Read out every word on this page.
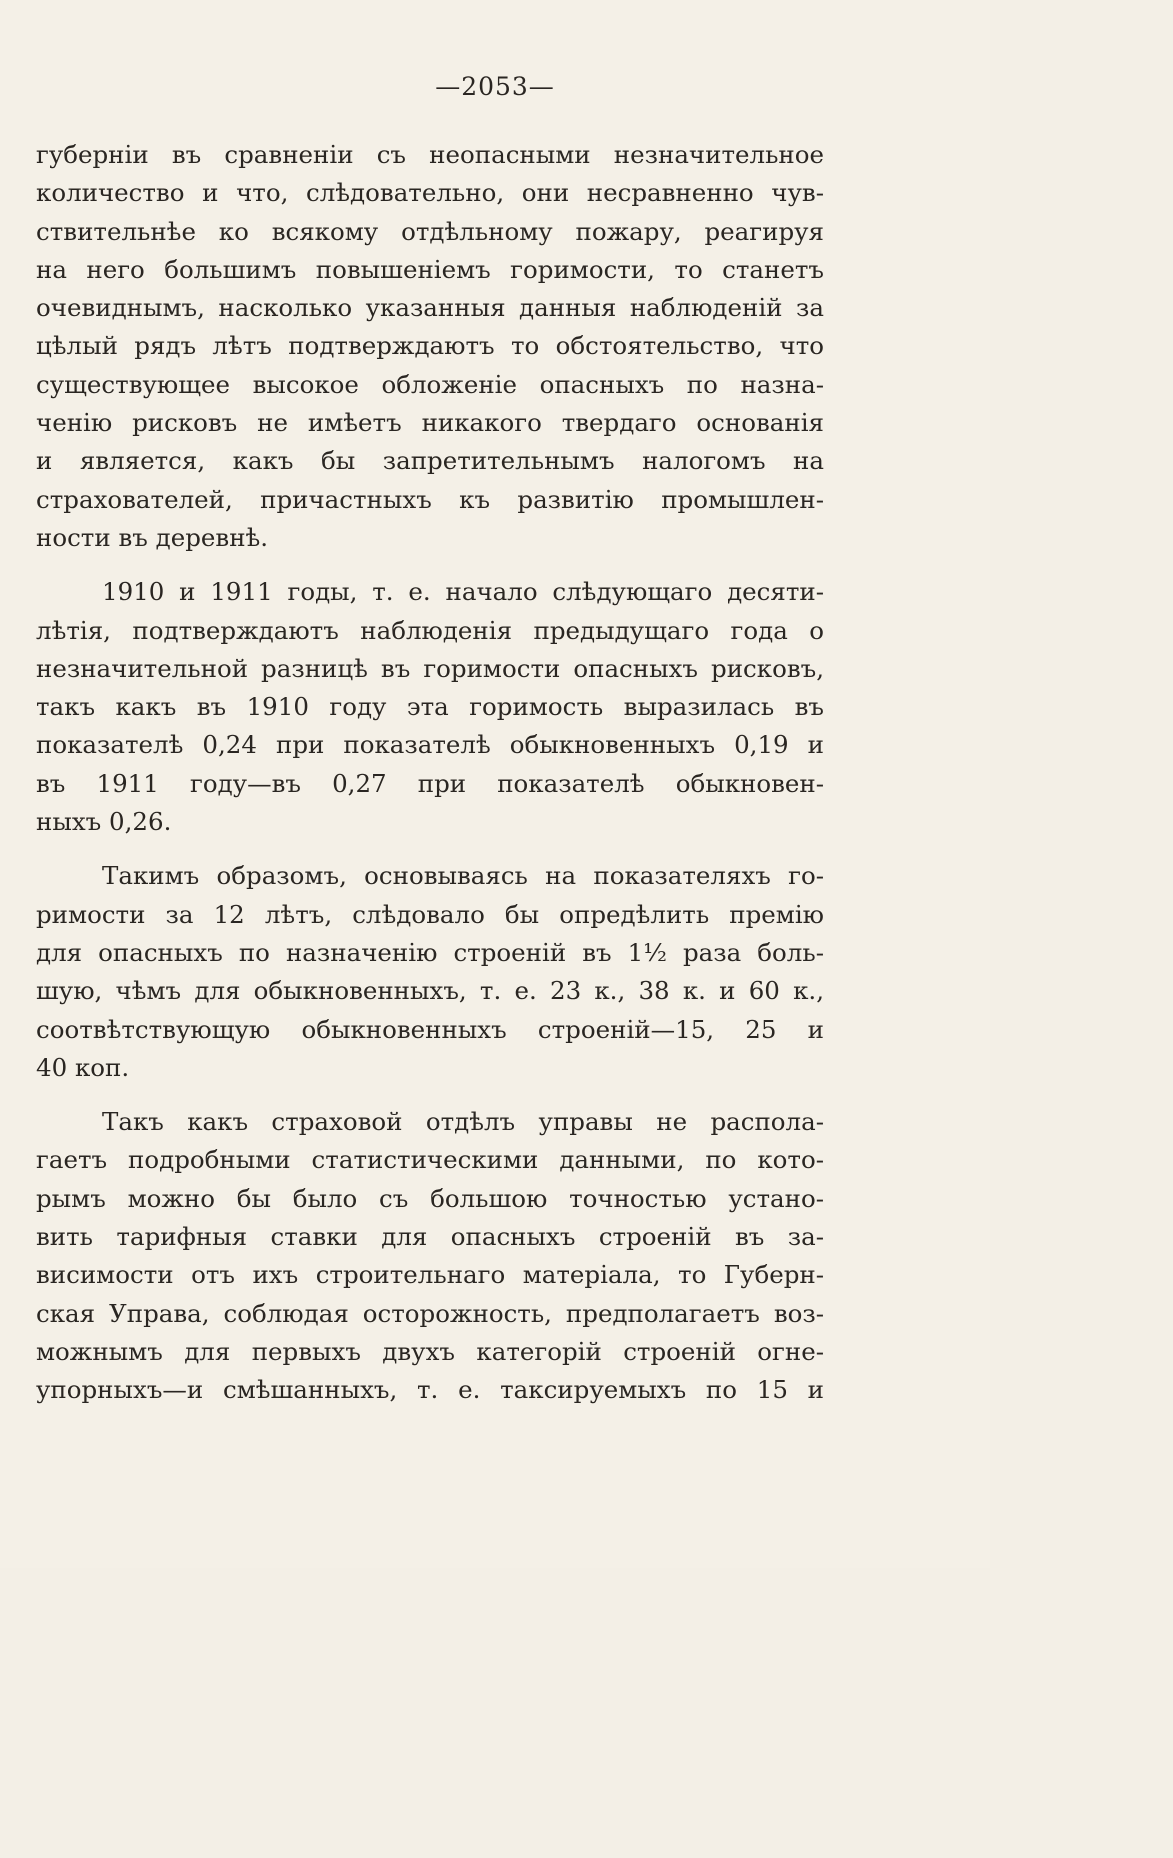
—2053—
губерніи въ сравненіи съ неопасными незначительное
количество и что, слѣдовательно, они несравненно чув-
ствительнѣе ко всякому отдѣльному пожару, реагируя
на него большимъ повышеніемъ горимости, то станетъ
очевиднымъ, насколько указанныя данныя наблюденій за
цѣлый рядъ лѣтъ подтверждаютъ то обстоятельство, что
существующее высокое обложеніе опасныхъ по назна-
ченію рисковъ не имѣетъ никакого твердаго основанія
и является, какъ бы запретительнымъ налогомъ на
страхователей, причастныхъ къ развитію промышлен-
ности въ деревнѣ.
1910 и 1911 годы, т. е. начало слѣдующаго десяти-
лѣтія, подтверждаютъ наблюденія предыдущаго года о
незначительной разницѣ въ горимости опасныхъ рисковъ,
такъ какъ въ 1910 году эта горимость выразилась въ
показателѣ 0,24 при показателѣ обыкновенныхъ 0,19 и
въ 1911 году—въ 0,27 при показателѣ обыкновен-
ныхъ 0,26.
Такимъ образомъ, основываясь на показателяхъ го-
римости за 12 лѣтъ, слѣдовало бы опредѣлить премію
для опасныхъ по назначенію строеній въ 1½ раза боль-
шую, чѣмъ для обыкновенныхъ, т. е. 23 к., 38 к. и 60 к.,
соотвѣтствующую обыкновенныхъ строеній—15, 25 и
40 коп.
Такъ какъ страховой отдѣлъ управы не распола-
гаетъ подробными статистическими данными, по кото-
рымъ можно бы было съ большою точностью устано-
вить тарифныя ставки для опасныхъ строеній въ за-
висимости отъ ихъ строительнаго матеріала, то Губерн-
ская Управа, соблюдая осторожность, предполагаетъ воз-
можнымъ для первыхъ двухъ категорій строеній огне-
упорныхъ—и смѣшанныхъ, т. е. таксируемыхъ по 15 и
